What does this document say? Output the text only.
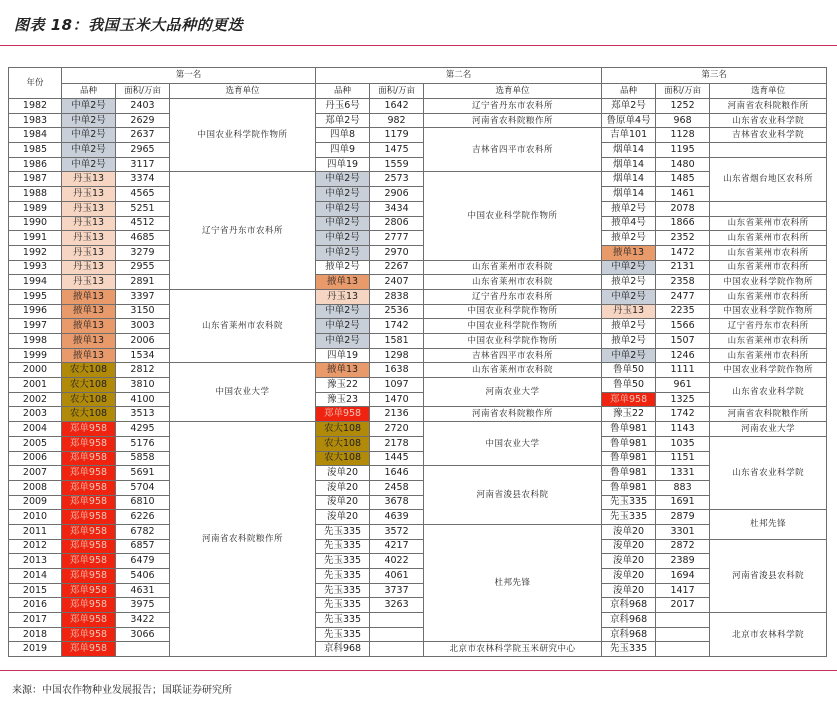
图表 18：我国玉米大品种的更迭
年份	第一名			第二名			第三名		
	品种	面积/万亩	选育单位	品种	面积/万亩	选育单位	品种	面积/万亩	选育单位
1982	中单2号	2403	中国农业科学院作物所	丹玉6号	1642	辽宁省丹东市农科所	郑单2号	1252	河南省农科院粮作所
1983	中单2号	2629		郑单2号	982	河南省农科院粮作所	鲁原单4号	968	山东省农业科学院
1984	中单2号	2637		四单8	1179	吉林省四平市农科所	吉单101	1128	吉林省农业科学院
1985	中单2号	2965		四单9	1475		烟单14	1195	
1986	中单2号	3117		四单19	1559		烟单14	1480	山东省烟台地区农科所
1987	丹玉13	3374	辽宁省丹东市农科所	中单2号	2573	中国农业科学院作物所	烟单14	1485	
1988	丹玉13	4565		中单2号	2906		烟单14	1461	
1989	丹玉13	5251		中单2号	3434		掖单2号	2078	
1990	丹玉13	4512		中单2号	2806		掖单4号	1866	山东省莱州市农科所
1991	丹玉13	4685		中单2号	2777		掖单2号	2352	山东省莱州市农科所
1992	丹玉13	3279		中单2号	2970		掖单13	1472	山东省莱州市农科所
1993	丹玉13	2955		掖单2号	2267	山东省莱州市农科院	中单2号	2131	山东省莱州市农科所
1994	丹玉13	2891		掖单13	2407	山东省莱州市农科院	掖单2号	2358	中国农业科学院作物所
1995	掖单13	3397	山东省莱州市农科院	丹玉13	2838	辽宁省丹东市农科所	中单2号	2477	山东省莱州市农科所
1996	掖单13	3150		中单2号	2536	中国农业科学院作物所	丹玉13	2235	中国农业科学院作物所
1997	掖单13	3003		中单2号	1742	中国农业科学院作物所	掖单2号	1566	辽宁省丹东市农科所
1998	掖单13	2006		中单2号	1581	中国农业科学院作物所	掖单2号	1507	山东省莱州市农科所
1999	掖单13	1534		四单19	1298	吉林省四平市农科所	中单2号	1246	山东省莱州市农科所
2000	农大108	2812	中国农业大学	掖单13	1638	山东省莱州市农科院	鲁单50	1111	中国农业科学院作物所
2001	农大108	3810		豫玉22	1097	河南农业大学	鲁单50	961	山东省农业科学院
2002	农大108	4100		豫玉23	1470		郑单958	1325	
2003	农大108	3513		郑单958	2136	河南省农科院粮作所	豫玉22	1742	河南省农科院粮作所
2004	郑单958	4295	河南省农科院粮作所	农大108	2720	中国农业大学	鲁单981	1143	河南农业大学
2005	郑单958	5176		农大108	2178		鲁单981	1035	山东省农业科学院
2006	郑单958	5858		农大108	1445		鲁单981	1151	
2007	郑单958	5691		浚单20	1646	河南省浚县农科院	鲁单981	1331	
2008	郑单958	5704		浚单20	2458		鲁单981	883	
2009	郑单958	6810		浚单20	3678		先玉335	1691	
2010	郑单958	6226		浚单20	4639		先玉335	2879	杜邦先锋
2011	郑单958	6782		先玉335	3572	杜邦先锋	浚单20	3301	
2012	郑单958	6857		先玉335	4217		浚单20	2872	河南省浚县农科院
2013	郑单958	6479		先玉335	4022		浚单20	2389	
2014	郑单958	5406		先玉335	4061		浚单20	1694	
2015	郑单958	4631		先玉335	3737		浚单20	1417	
2016	郑单958	3975		先玉335	3263		京科968	2017	
2017	郑单958	3422		先玉335			京科968		北京市农林科学院
2018	郑单958	3066		先玉335			京科968		
2019	郑单958			京科968		北京市农林科学院玉米研究中心	先玉335		
来源：中国农作物种业发展报告；国联证券研究所
